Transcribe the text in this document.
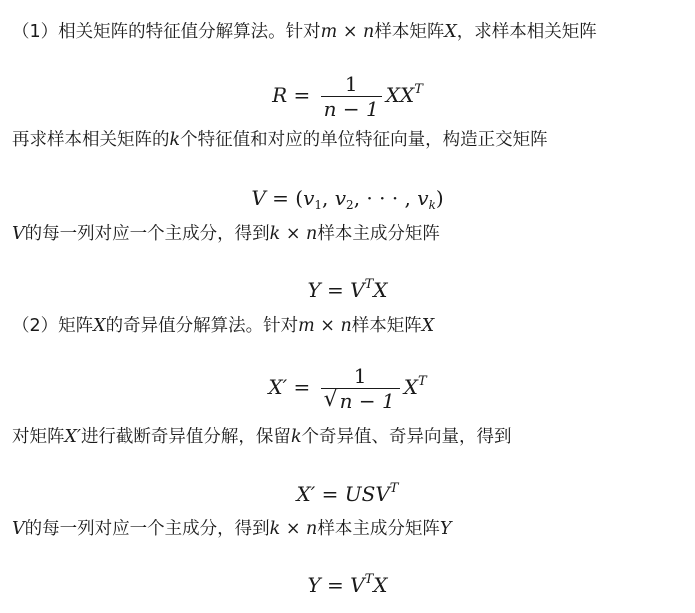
（1）相关矩阵的特征值分解算法。针对m × n样本矩阵X，求样本相关矩阵
$R = \frac{1}{n - 1} XX^T$
再求样本相关矩阵的k个特征值和对应的单位特征向量，构造正交矩阵
$V = (v_1$, $v_2$, · · · , $v_k$)
V的每一列对应一个主成分，得到k × n样本主成分矩阵
$Y = V^TX$
（2）矩阵X的奇异值分解算法。针对m × n样本矩阵X
$X' = \frac{1}{√ n - 1} X^T$
对矩阵X′进行截断奇异值分解，保留k个奇异值、奇异向量，得到
$X' = USV^T$
V的每一列对应一个主成分，得到k × n样本主成分矩阵Y
$Y = V^TX$
